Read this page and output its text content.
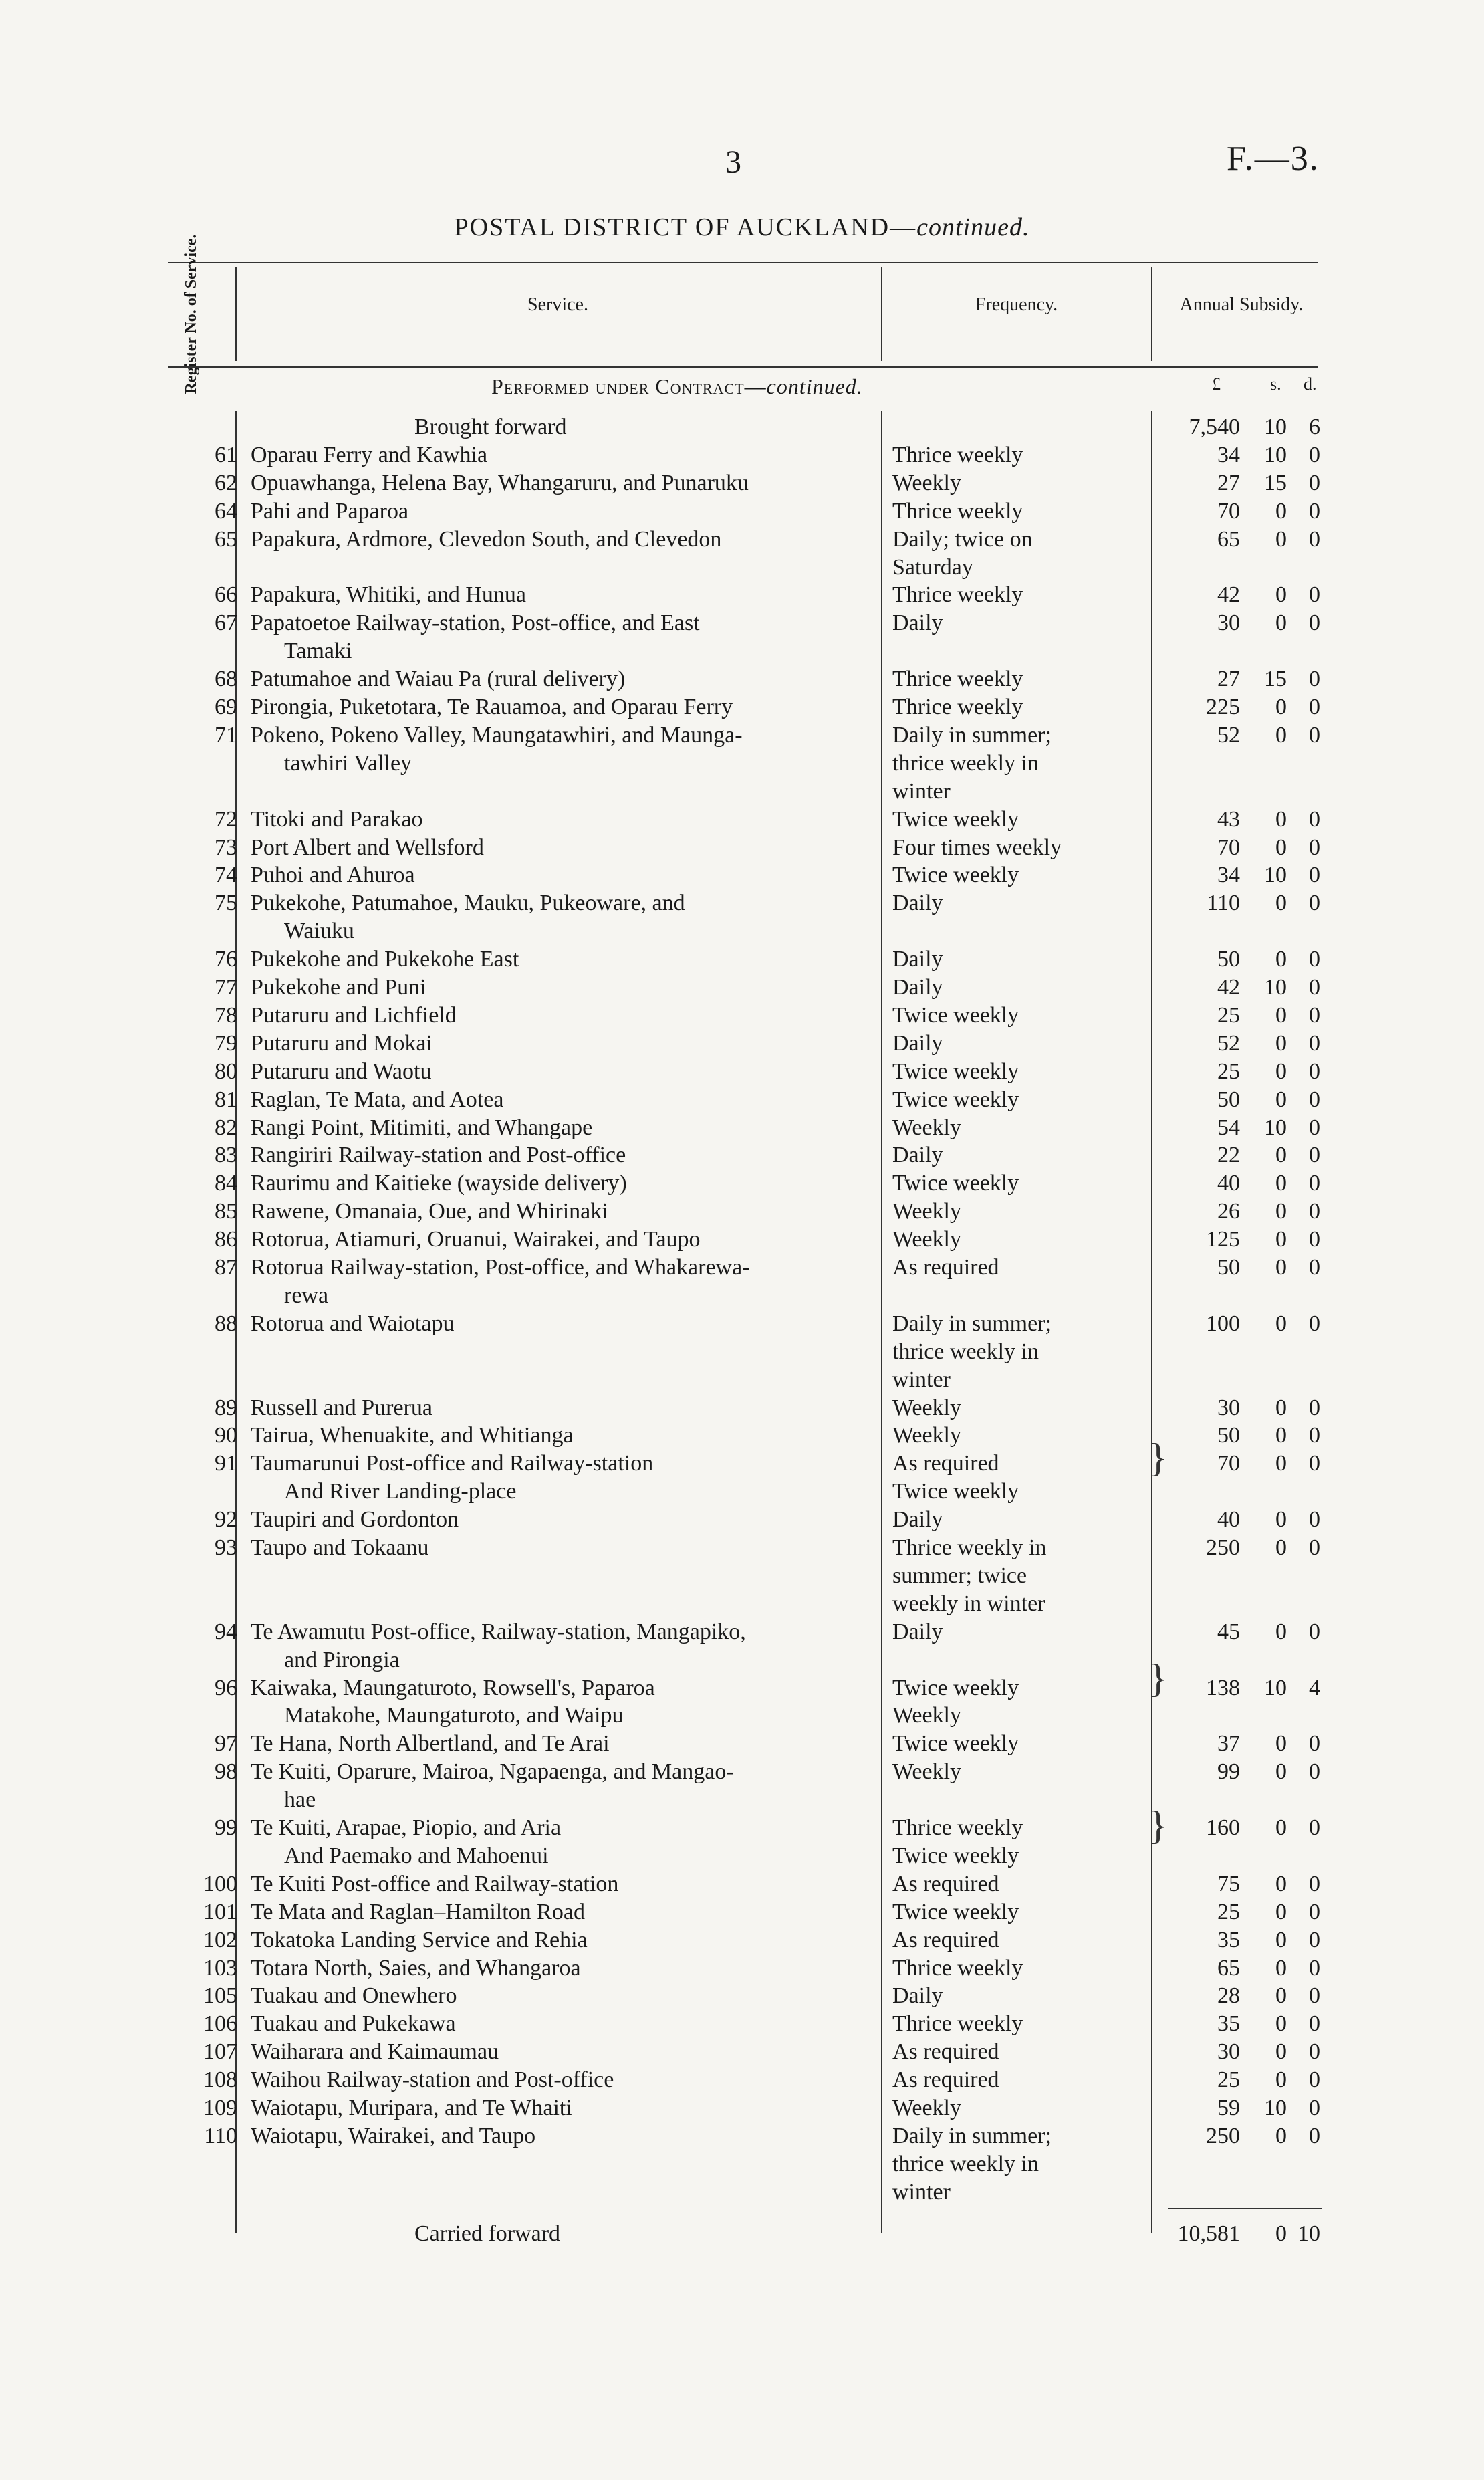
3	F.—3.
POSTAL DISTRICT OF AUCKLAND—continued.
Register No. of Service.	Service.	Frequency.	Annual Subsidy.
Performed under Contract—continued.	£	s. d.
Brought forward	7,540 10 6
61 Oparau Ferry and Kawhia	Thrice weekly	34 10 0
62 Opuawhanga, Helena Bay, Whangaruru, and Punaruku	Weekly	27 15 0
64 Pahi and Paparoa	Thrice weekly	70 0 0
65 Papakura, Ardmore, Clevedon South, and Clevedon	Daily; twice on	65 0 0
Saturday
66 Papakura, Whitiki, and Hunua	Thrice weekly	42 0 0
67 Papatoetoe Railway-station, Post-office, and East	Daily	30 0 0
Tamaki
68 Patumahoe and Waiau Pa (rural delivery)	Thrice weekly	27 15 0
69 Pirongia, Puketotara, Te Rauamoa, and Oparau Ferry	Thrice weekly	225 0 0
71 Pokeno, Pokeno Valley, Maungatawhiri, and Maunga-	Daily in summer;	52 0 0
tawhiri Valley	thrice weekly in
winter
72 Titoki and Parakao	Twice weekly	43 0 0
73 Port Albert and Wellsford	Four times weekly	70 0 0
74 Puhoi and Ahuroa	Twice weekly	34 10 0
75 Pukekohe, Patumahoe, Mauku, Pukeoware, and	Daily	110 0 0
Waiuku
76 Pukekohe and Pukekohe East	Daily	50 0 0
77 Pukekohe and Puni	Daily	42 10 0
78 Putaruru and Lichfield	Twice weekly	25 0 0
79 Putaruru and Mokai	Daily	52 0 0
80 Putaruru and Waotu	Twice weekly	25 0 0
81 Raglan, Te Mata, and Aotea	Twice weekly	50 0 0
82 Rangi Point, Mitimiti, and Whangape	Weekly	54 10 0
83 Rangiriri Railway-station and Post-office	Daily	22 0 0
84 Raurimu and Kaitieke (wayside delivery)	Twice weekly	40 0 0
85 Rawene, Omanaia, Oue, and Whirinaki	Weekly	26 0 0
86 Rotorua, Atiamuri, Oruanui, Wairakei, and Taupo	Weekly	125 0 0
87 Rotorua Railway-station, Post-office, and Whakarewa-	As required	50 0 0
rewa
88 Rotorua and Waiotapu	Daily in summer;	100 0 0
thrice weekly in
winter
89 Russell and Purerua	Weekly	30 0 0
90 Tairua, Whenuakite, and Whitianga	Weekly	50 0 0
91 Taumarunui Post-office and Railway-station	As required	70 0 0
And River Landing-place	Twice weekly
92 Taupiri and Gordonton	Daily	40 0 0
93 Taupo and Tokaanu	Thrice weekly in	250 0 0
summer; twice
weekly in winter
94 Te Awamutu Post-office, Railway-station, Mangapiko,	Daily	45 0 0
and Pirongia
96 Kaiwaka, Maungaturoto, Rowsell's, Paparoa	Twice weekly	138 10 4
Matakohe, Maungaturoto, and Waipu	Weekly
97 Te Hana, North Albertland, and Te Arai	Twice weekly	37 0 0
98 Te Kuiti, Oparure, Mairoa, Ngapaenga, and Mangao-	Weekly	99 0 0
hae
99 Te Kuiti, Arapae, Piopio, and Aria	Thrice weekly	160 0 0
And Paemako and Mahoenui	Twice weekly
100 Te Kuiti Post-office and Railway-station	As required	75 0 0
101 Te Mata and Raglan–Hamilton Road	Twice weekly	25 0 0
102 Tokatoka Landing Service and Rehia	As required	35 0 0
103 Totara North, Saies, and Whangaroa	Thrice weekly	65 0 0
105 Tuakau and Onewhero	Daily	28 0 0
106 Tuakau and Pukekawa	Thrice weekly	35 0 0
107 Waiharara and Kaimaumau	As required	30 0 0
108 Waihou Railway-station and Post-office	As required	25 0 0
109 Waiotapu, Muripara, and Te Whaiti	Weekly	59 10 0
110 Waiotapu, Wairakei, and Taupo	Daily in summer;	250 0 0
thrice weekly in
winter
}
}
}
Carried forward	10,581 0 10
